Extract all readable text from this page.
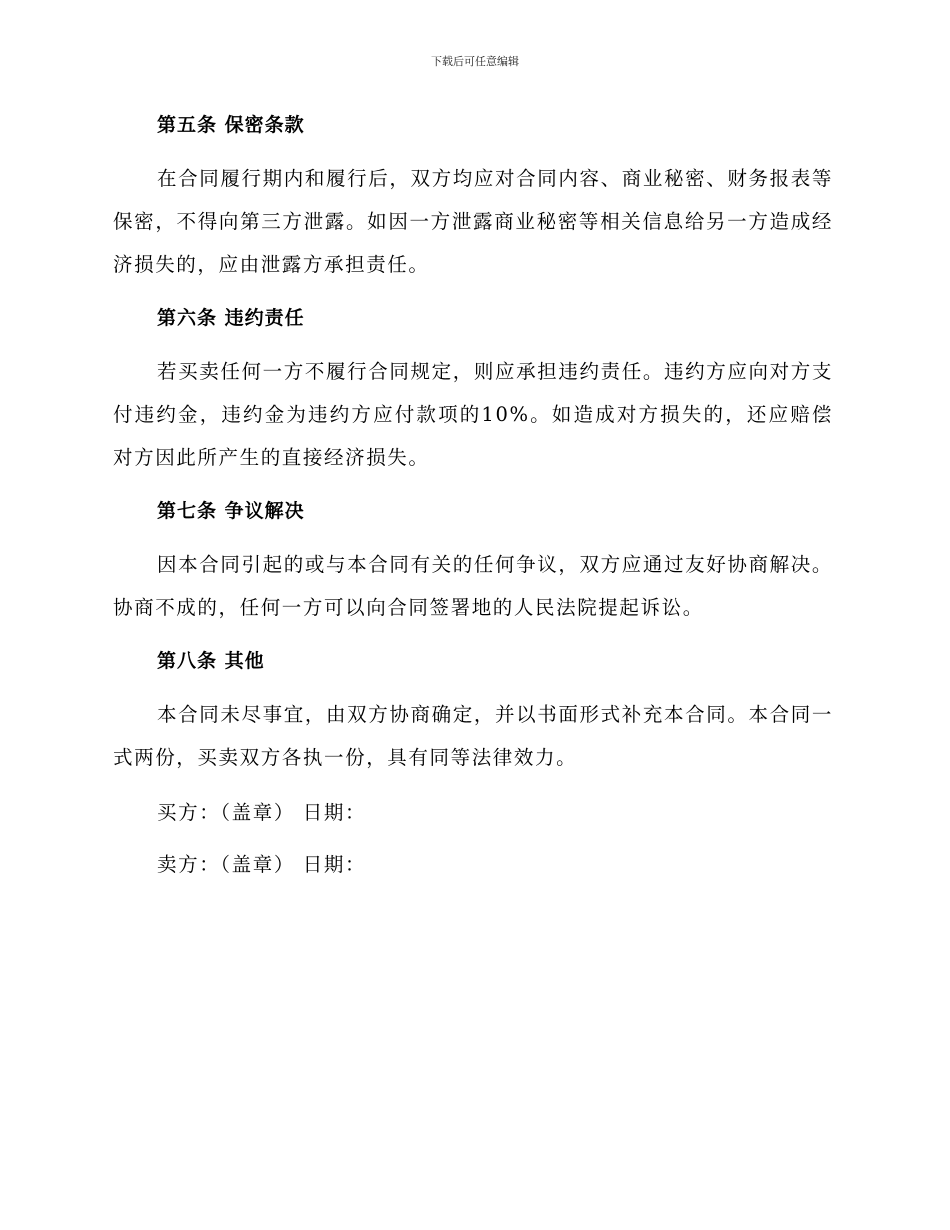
下载后可任意编辑
第五条 保密条款

在合同履行期内和履行后，双方均应对合同内容、商业秘密、财务报表等保密，不得向第三方泄露。如因一方泄露商业秘密等相关信息给另一方造成经济损失的，应由泄露方承担责任。

第六条 违约责任

若买卖任何一方不履行合同规定，则应承担违约责任。违约方应向对方支付违约金，违约金为违约方应付款项的10%。如造成对方损失的，还应赔偿对方因此所产生的直接经济损失。

第七条 争议解决

因本合同引起的或与本合同有关的任何争议，双方应通过友好协商解决。协商不成的，任何一方可以向合同签署地的人民法院提起诉讼。

第八条 其他

本合同未尽事宜，由双方协商确定，并以书面形式补充本合同。本合同一式两份，买卖双方各执一份，具有同等法律效力。

买方：（盖章） 日期：
卖方：（盖章） 日期：
